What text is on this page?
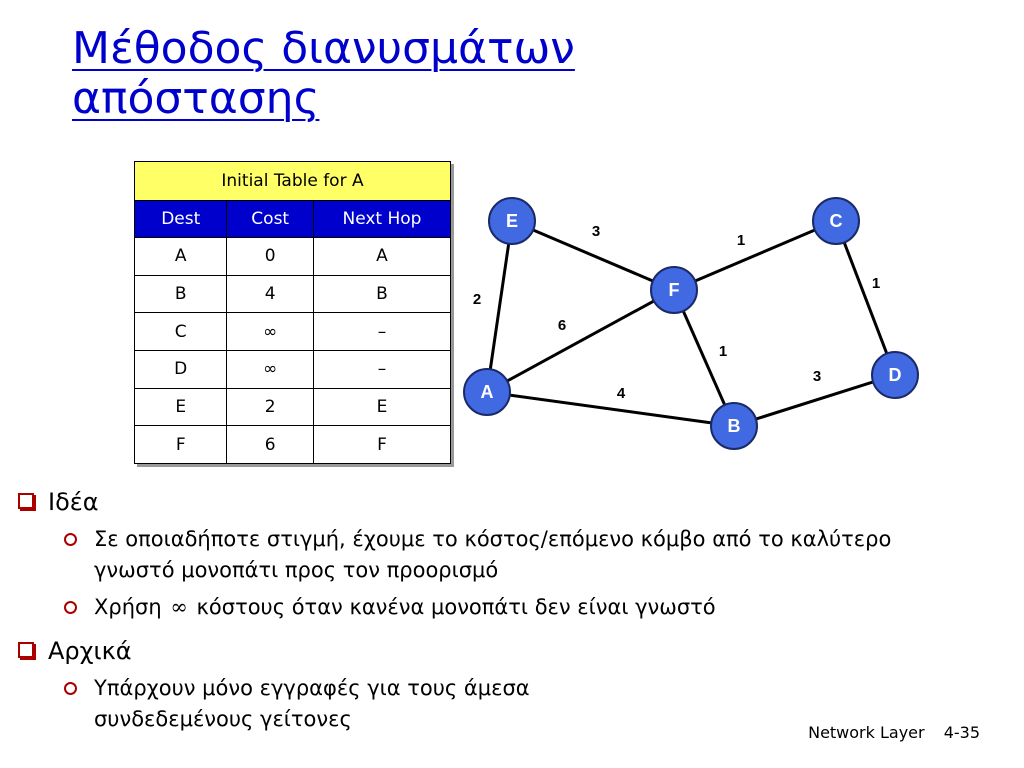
Μέθοδος διανυσμάτων
απόστασης
Initial Table for A		
Dest	Cost	Next Hop
A	0	A
B	4	B
C	∞	–
D	∞	–
E	2	E
F	6	F
3
1
2
1
6
1
3
4
A
B
C
D
E
F
Ιδέα
Σε οποιαδήποτε στιγμή, έχουμε το κόστος/επόμενο κόμβο από το καλύτερο γνωστό μονοπάτι προς τον προορισμό
Χρήση ∞ κόστους όταν κανένα μονοπάτι δεν είναι γνωστό
Αρχικά
Υπάρχουν μόνο εγγραφές για τους άμεσα συνδεδεμένους γείτονες
Network Layer 4-35
